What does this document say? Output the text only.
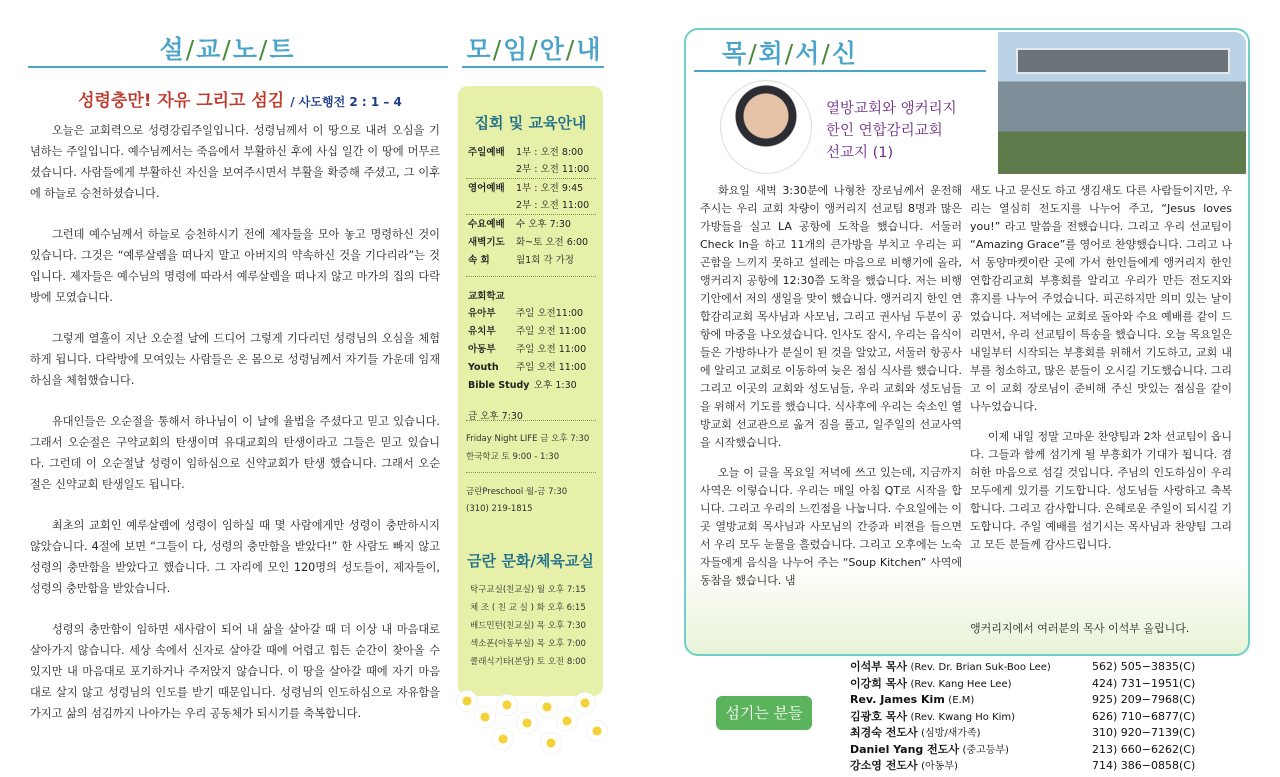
설/교/노/트
성령충만! 자유 그리고 섬김 / 사도행전 2 : 1 – 4

오늘은 교회력으로 성령강림주일입니다. 성령님께서 이 땅으로 내려 오심을 기념하는 주일입니다. 예수님께서는 죽음에서 부활하신 후에 사십 일간 이 땅에 머무르셨습니다. 사람들에게 부활하신 자신을 보여주시면서 부활을 확증해 주셨고, 그 이후에 하늘로 승천하셨습니다.

그런데 예수님께서 하늘로 승천하시기 전에 제자들을 모아 놓고 명령하신 것이 있습니다. 그것은 “예루살렘을 떠나지 말고 아버지의 약속하신 것을 기다리라”는 것입니다. 제자들은 예수님의 명령에 따라서 예루살렘을 떠나지 않고 마가의 집의 다락방에 모였습니다.

그렇게 열흘이 지난 오순절 날에 드디어 그렇게 기다리던 성령님의 오심을 체험하게 됩니다. 다락방에 모여있는 사람들은 온 몸으로 성령님께서 자기들 가운데 임재하심을 체험했습니다.

유대인들은 오순절을 통해서 하나님이 이 날에 율법을 주셨다고 믿고 있습니다. 그래서 오순절은 구약교회의 탄생이며 유대교회의 탄생이라고 그들은 믿고 있습니다. 그런데 이 오순절날 성령이 임하심으로 신약교회가 탄생 했습니다. 그래서 오순절은 신약교회 탄생일도 됩니다.

최초의 교회인 예루살렘에 성령이 임하실 때 몇 사람에게만 성령이 충만하시지 않았습니다. 4절에 보면 “그들이 다, 성령의 충만함을 받았다!” 한 사람도 빠지 않고 성령의 충만함을 받았다고 했습니다. 그 자리에 모인 120명의 성도들이, 제자들이, 성령의 충만함을 받았습니다.

성령의 충만함이 임하면 새사람이 되어 내 삶을 살아갈 때 더 이상 내 마음대로 살아가지 않습니다. 세상 속에서 신자로 살아갈 때에 어렵고 힘든 순간이 찾아올 수 있지만 내 마음대로 포기하거나 주저앉지 않습니다. 이 땅을 살아갈 때에 자기 마음대로 살지 않고 성령님의 인도를 받기 때문입니다. 성령님의 인도하심으로 자유함을 가지고 삶의 섬김까지 나아가는 우리 공동체가 되시기를 축복합니다.

모/임/안/내
집회 및 교육안내
주일예배 1부 : 오전 8:00
2부 : 오전 11:00
영어예배 1부 : 오전 9:45
2부 : 오전 11:00
수요예배 수 오후 7:30
새벽기도 화~토 오전 6:00
속 회	월1회 각 가정
교회학교
유아부 주일 오전11:00
유치부 주일 오전 11:00
아동부 주일 오전 11:00
Youth 주일 오전 11:00
Bible Study 오후 1:30
금 오후 7:30
Friday Night LIFE 금 오후 7:30
한국학교 토 9:00 - 1:30
금란Preschool 월-금 7:30
(310) 219-1815
금란 문화/체육교실
탁구교실(친교실) 월 오후 7:15
체 조 ( 친 교 실 ) 화 오후 6:15
배드민턴(친교실) 목 오후 7:30
섹소폰(아동부실) 목 오후 7:00
클래식기타(본당) 토 오전 8:00
목/회/서/신
열방교회와 앵커리지
한인 연합감리교회
선교지 (1)

화요일 새벽 3:30분에 나형찬 장로님께서 운전해 주시는 우리 교회 차량이 앵커리지 선교팀 8명과 많은 가방들을 실고 LA 공항에 도착을 했습니다. 서둘러 Check In을 하고 11개의 큰가방을 부치고 우리는 피곤함을 느끼지 못하고 설레는 마음으로 비행기에 올라, 앵커리지 공항에 12:30쯤 도착을 했습니다. 저는 비행기안에서 저의 생일을 맞이 했습니다. 앵커리지 한인 연합감리교회 목사님과 사모님, 그리고 권사님 두분이 공항에 마중을 나오셨습니다. 인사도 잠시, 우리는 음식이 들은 가방하나가 분실이 된 것을 알았고, 서둘러 항공사에 알리고 교회로 이동하여 늦은 점심 식사를 했습니다. 그리고 이곳의 교회와 성도님들, 우리 교회와 성도님들을 위해서 기도를 했습니다. 식사후에 우리는 숙소인 열방교회 선교관으로 옮겨 짐을 풀고, 일주일의 선교사역을 시작했습니다.

오늘 이 글을 목요일 저녁에 쓰고 있는데, 지금까지 사역은 이렇습니다. 우리는 매일 아침 QT로 시작을 합니다. 그리고 우리의 느낀점을 나눕니다. 수요일에는 이곳 열방교회 목사님과 사모님의 간증과 비젼을 들으면서 우리 모두 눈물을 흘렸습니다. 그리고 오후에는 노숙자들에게 음식을 나누어 주는 “Soup Kitchen” 사역에 동참을 했습니다. 냄

새도 나고 문신도 하고 생김새도 다른 사람들이지만, 우리는 열심히 전도지를 나누어 주고, “Jesus loves you!” 라고 말씀을 전했습니다. 그리고 우리 선교팀이 “Amazing Grace”를 영어로 찬양했습니다. 그리고 나서 동양마켓이란 곳에 가서 한인들에게 앵커리지 한인 연합감리교회 부흥회를 알리고 우리가 만든 전도지와 휴지를 나누어 주었습니다. 피곤하지만 의미 있는 날이었습니다. 저녁에는 교회로 돌아와 수요 예배를 같이 드리면서, 우리 선교팀이 특송을 했습니다. 오늘 목요일은 내일부터 시작되는 부흥회를 위해서 기도하고, 교회 내부를 청소하고, 많은 분들이 오시길 기도했습니다. 그리고 이 교회 장로님이 준비해 주신 맛있는 점심을 같이 나누었습니다.

이제 내일 정말 고마운 찬양팀과 2차 선교팀이 옵니다. 그들과 함께 섬기게 될 부흥회가 기대가 됩니다. 겸허한 마음으로 섬길 것입니다. 주님의 인도하심이 우리 모두에게 있기를 기도합니다. 성도님들 사랑하고 축복합니다. 그리고 감사합니다. 은혜로운 주일이 되시길 기도합니다. 주일 예배를 섬기시는 목사님과 찬양팀 그리고 모든 분들께 감사드립니다.

앵커리지에서 여러분의 목사 이석부 올립니다.
섬기는 분들
이석부 목사 (Rev. Dr. Brian Suk-Boo Lee)	562) 505−3835(C)
이강희 목사 (Rev. Kang Hee Lee)	424) 731−1951(C)
Rev. James Kim (E.M)	925) 209−7968(C)
김광호 목사 (Rev. Kwang Ho Kim)	626) 710−6877(C)
최경숙 전도사 (심방/새가족)	310) 920−7139(C)
Daniel Yang 전도사 (중고등부)	213) 660−6262(C)
강소영 전도사 (아동부)	714) 386−0858(C)
